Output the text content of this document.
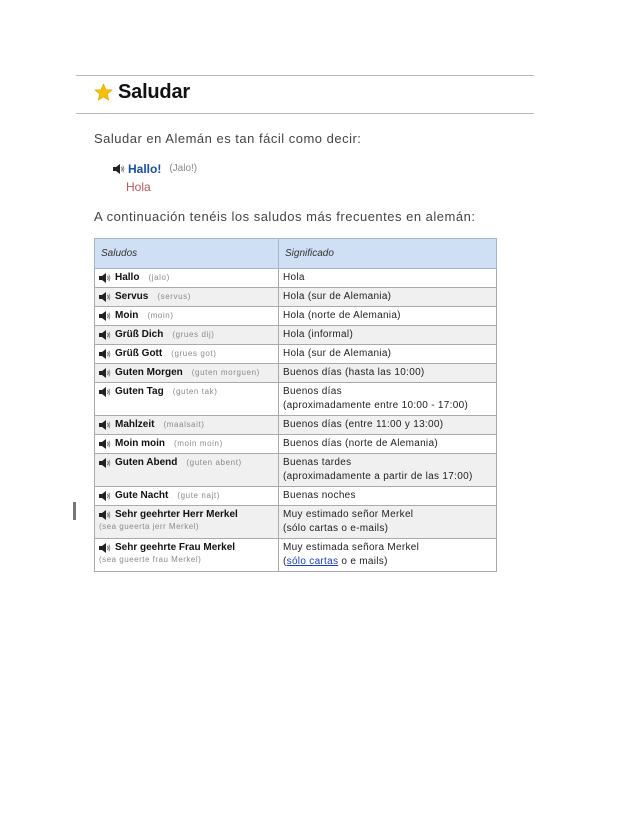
Saludar
Saludar en Alemán es tan fácil como decir:
Hallo! (Jalo!)
Hola
A continuación tenéis los saludos más frecuentes en alemán:
Saludos	Significado

Hallo (jalo)	Hola

Servus (servus)	Hola (sur de Alemania)

Moin (moin)	Hola (norte de Alemania)

Grüß Dich (grues dij)	Hola (informal)

Grüß Gott (grues got)	Hola (sur de Alemania)

Guten Morgen (guten morguen)	Buenos días (hasta las 10:00)

Guten Tag (guten tak)	Buenos días
(aproximadamente entre 10:00 - 17:00)

Mahlzeit (maalsait)	Buenos días (entre 11:00 y 13:00)

Moin moin (moin moin)	Buenos días (norte de Alemania)

Guten Abend (guten abent)	Buenas tardes
(aproximadamente a partir de las 17:00)

Gute Nacht (gute najt)	Buenas noches

Sehr geehrter Herr Merkel
(sea gueerta jerr Merkel)	Muy estimado señor Merkel
(sólo cartas o e-mails)

Sehr geehrte Frau Merkel
(sea gueerte frau Merkel)	Muy estimada señora Merkel
(sólo cartas o e mails)
